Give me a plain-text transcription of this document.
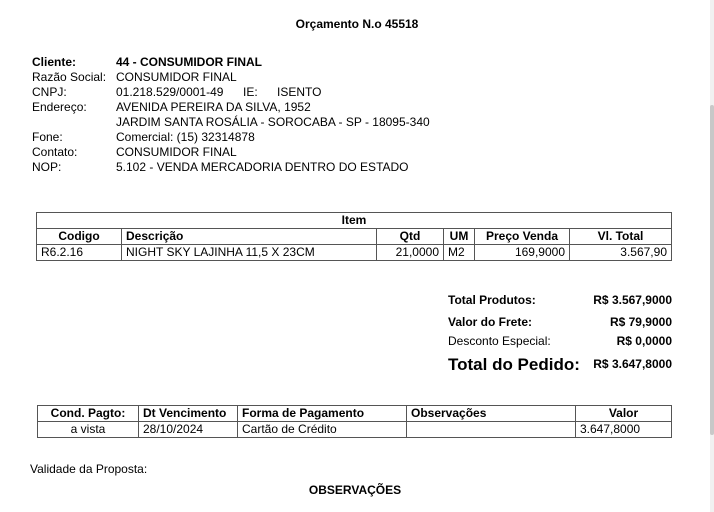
Orçamento N.o 45518
Cliente:	44 - CONSUMIDOR FINAL
Razão Social: CONSUMIDOR FINAL
CNPJ:	01.218.529/0001-49 IE: ISENTO
Endereço: AVENIDA PEREIRA DA SILVA, 1952
JARDIM SANTA ROSÁLIA - SOROCABA - SP - 18095-340
Fone:	Comercial: (15) 32314878
Contato:	CONSUMIDOR FINAL
NOP:	5.102 - VENDA MERCADORIA DENTRO DO ESTADO
Item					
Codigo	Descrição	Qtd	UM	Preço Venda	Vl. Total
R6.2.16	NIGHT SKY LAJINHA 11,5 X 23CM	21,0000	M2	169,9000	3.567,90
Total Produtos:	R$ 3.567,9000
Valor do Frete:	R$ 79,9000
Desconto Especial:	R$ 0,0000
Total do Pedido: R$ 3.647,8000
Cond. Pagto:	Dt Vencimento	Forma de Pagamento	Observações	Valor
a vista	28/10/2024	Cartão de Crédito		3.647,8000
Validade da Proposta:
OBSERVAÇÕES
